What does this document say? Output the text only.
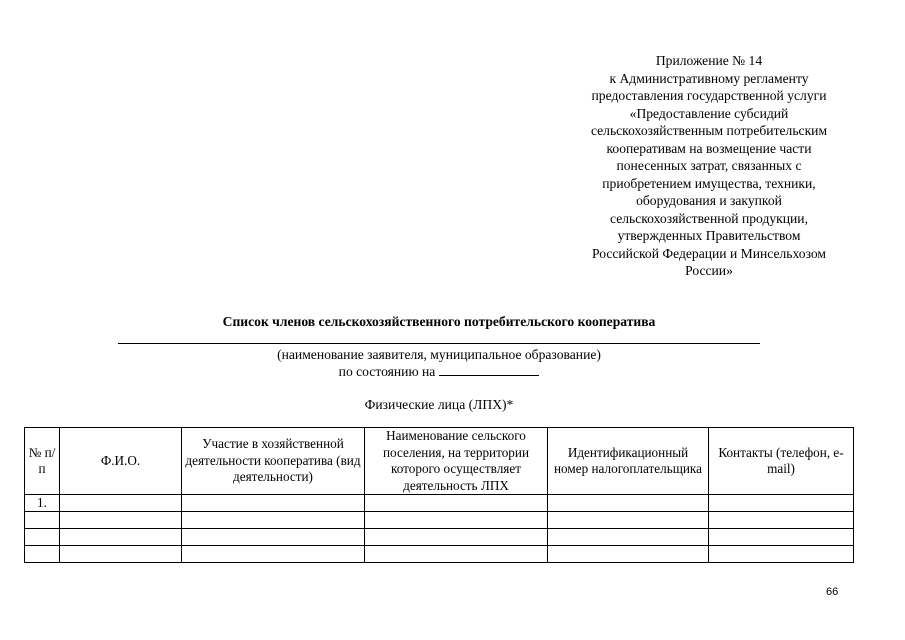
Приложение № 14
к Административному регламенту
предоставления государственной услуги
«Предоставление субсидий
сельскохозяйственным потребительским
кооперативам на возмещение части
понесенных затрат, связанных с
приобретением имущества, техники,
оборудования и закупкой
сельскохозяйственной продукции,
утвержденных Правительством
Российской Федерации и Минсельхозом
России»
Список членов сельскохозяйственного потребительского кооператива
(наименование заявителя, муниципальное образование)
по состоянию на
Физические лица (ЛПХ)*
№ п/п	Ф.И.О.	Участие в хозяйственной деятельности кооператива (вид деятельности)	Наименование сельского поселения, на территории которого осуществляет деятельность ЛПХ	Идентификационный номер налогоплательщика	Контакты (телефон, e-mail)
1.					

66
